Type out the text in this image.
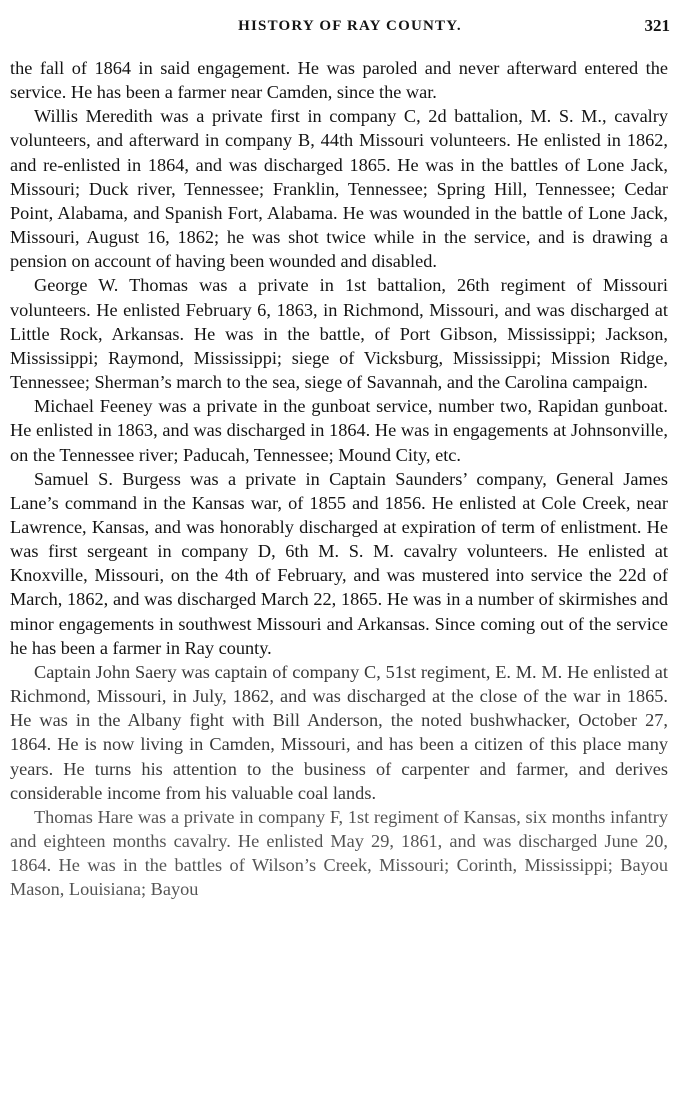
HISTORY OF RAY COUNTY.	321

the fall of 1864 in said engagement. He was paroled and never afterward entered the service. He has been a farmer near Camden, since the war.

Willis Meredith was a private first in company C, 2d battalion, M. S. M., cavalry volunteers, and afterward in company B, 44th Missouri volunteers. He enlisted in 1862, and re-enlisted in 1864, and was discharged 1865. He was in the battles of Lone Jack, Missouri; Duck river, Tennessee; Franklin, Tennessee; Spring Hill, Tennessee; Cedar Point, Alabama, and Spanish Fort, Alabama. He was wounded in the battle of Lone Jack, Missouri, August 16, 1862; he was shot twice while in the service, and is drawing a pension on account of having been wounded and disabled.

George W. Thomas was a private in 1st battalion, 26th regiment of Missouri volunteers. He enlisted February 6, 1863, in Richmond, Missouri, and was discharged at Little Rock, Arkansas. He was in the battle, of Port Gibson, Mississippi; Jackson, Mississippi; Raymond, Mississippi; siege of Vicksburg, Mississippi; Mission Ridge, Tennessee; Sherman’s march to the sea, siege of Savannah, and the Carolina campaign.

Michael Feeney was a private in the gunboat service, number two, Rapidan gunboat. He enlisted in 1863, and was discharged in 1864. He was in engagements at Johnsonville, on the Tennessee river; Paducah, Tennessee; Mound City, etc.

Samuel S. Burgess was a private in Captain Saunders’ company, General James Lane’s command in the Kansas war, of 1855 and 1856. He enlisted at Cole Creek, near Lawrence, Kansas, and was honorably discharged at expiration of term of enlistment. He was first sergeant in company D, 6th M. S. M. cavalry volunteers. He enlisted at Knoxville, Missouri, on the 4th of February, and was mustered into service the 22d of March, 1862, and was discharged March 22, 1865. He was in a number of skirmishes and minor engagements in southwest Missouri and Arkansas. Since coming out of the service he has been a farmer in Ray county.

Captain John Saery was captain of company C, 51st regiment, E. M. M. He enlisted at Richmond, Missouri, in July, 1862, and was discharged at the close of the war in 1865. He was in the Albany fight with Bill Anderson, the noted bushwhacker, October 27, 1864. He is now living in Camden, Missouri, and has been a citizen of this place many years. He turns his attention to the business of carpenter and farmer, and derives considerable income from his valuable coal lands.

Thomas Hare was a private in company F, 1st regiment of Kansas, six months infantry and eighteen months cavalry. He enlisted May 29, 1861, and was discharged June 20, 1864. He was in the battles of Wilson’s Creek, Missouri; Corinth, Mississippi; Bayou Mason, Louisiana; Bayou
